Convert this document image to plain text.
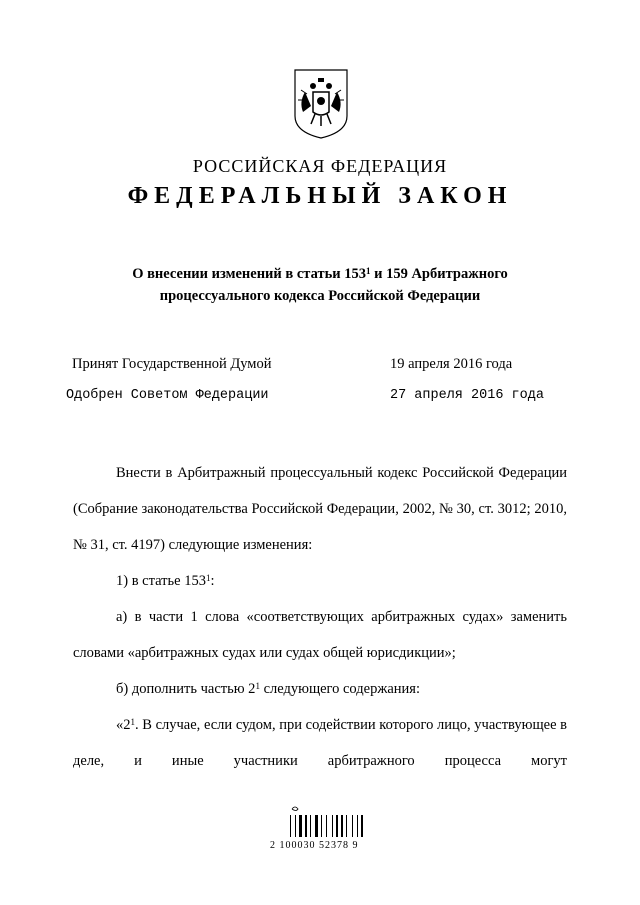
РОССИЙСКАЯ ФЕДЕРАЦИЯ
ФЕДЕРАЛЬНЫЙ ЗАКОН
О внесении изменений в статьи $153^1$ и 159 Арбитражного
процессуального кодекса Российской Федерации
Принят Государственной Думой	19 апреля 2016 года
Одобрен Советом Федерации	27 апреля 2016 года

Внести в Арбитражный процессуальный кодекс Российской Федерации (Собрание законодательства Российской Федерации, 2002, № 30, ст. 3012; 2010, № 31, ст. 4197) следующие изменения:

1) в статье $153^1$:

а) в части 1 слова «соответствующих арбитражных судах» заменить словами «арбитражных судах или судах общей юрисдикции»;

б) дополнить частью $2^1$ следующего содержания:

«$2^1$. В случае, если судом, при содействии которого лицо, участвующее в деле, и иные участники арбитражного процесса могут

2 100030 52378 9
